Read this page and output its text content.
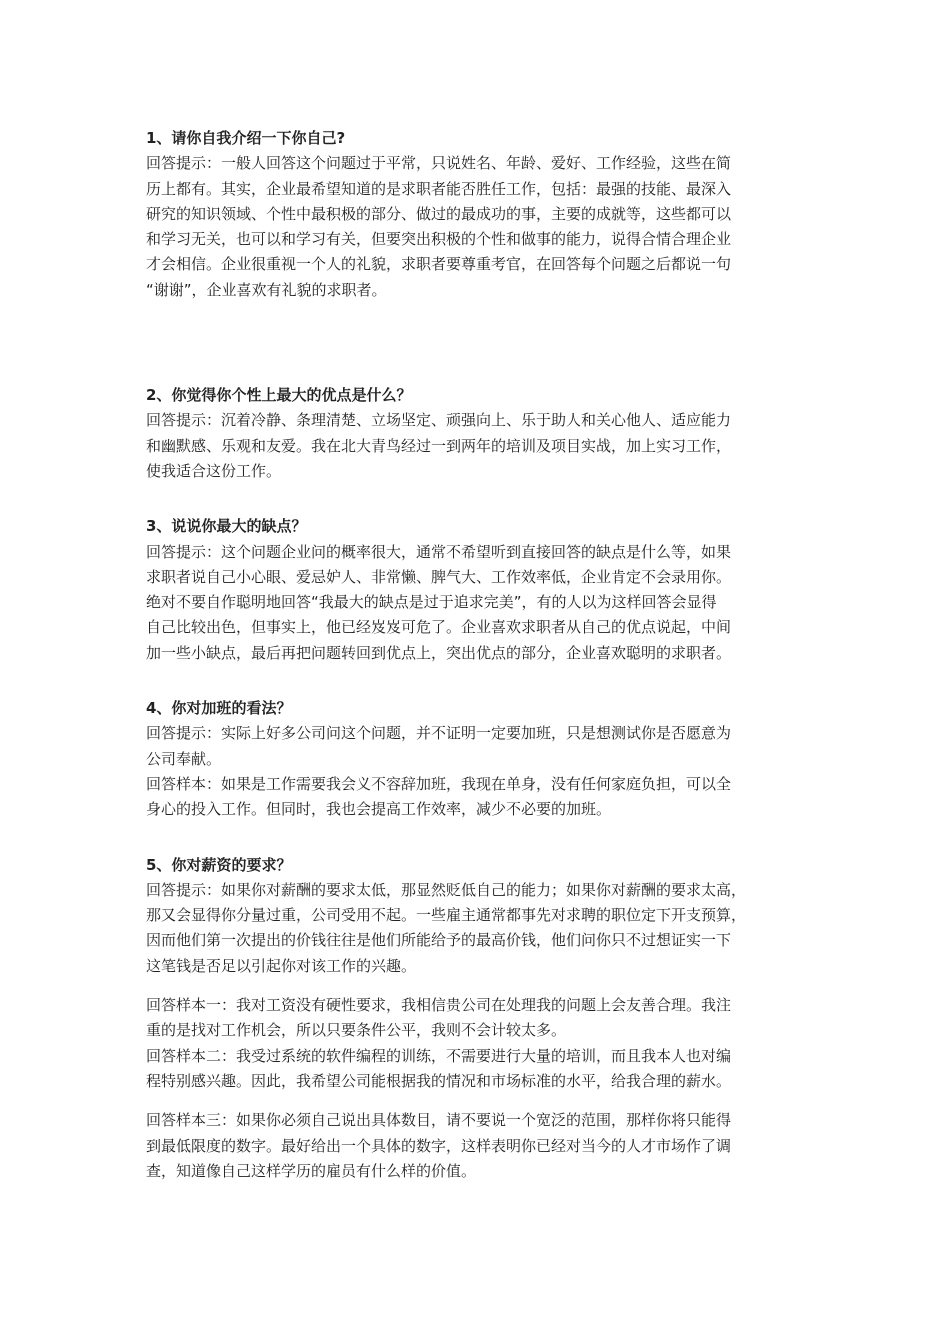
1、请你自我介绍一下你自己?

回答提示：一般人回答这个问题过于平常，只说姓名、年龄、爱好、工作经验，这些在简

历上都有。其实，企业最希望知道的是求职者能否胜任工作，包括：最强的技能、最深入

研究的知识领域、个性中最积极的部分、做过的最成功的事，主要的成就等，这些都可以

和学习无关，也可以和学习有关，但要突出积极的个性和做事的能力，说得合情合理企业

才会相信。企业很重视一个人的礼貌，求职者要尊重考官，在回答每个问题之后都说一句

“谢谢”，企业喜欢有礼貌的求职者。

2、你觉得你个性上最大的优点是什么？

回答提示：沉着冷静、条理清楚、立场坚定、顽强向上、乐于助人和关心他人、适应能力

和幽默感、乐观和友爱。我在北大青鸟经过一到两年的培训及项目实战，加上实习工作，

使我适合这份工作。

3、说说你最大的缺点？

回答提示：这个问题企业问的概率很大，通常不希望听到直接回答的缺点是什么等，如果

求职者说自己小心眼、爱忌妒人、非常懒、脾气大、工作效率低，企业肯定不会录用你。

绝对不要自作聪明地回答“我最大的缺点是过于追求完美”，有的人以为这样回答会显得

自己比较出色，但事实上，他已经岌岌可危了。企业喜欢求职者从自己的优点说起，中间

加一些小缺点，最后再把问题转回到优点上，突出优点的部分，企业喜欢聪明的求职者。

4、你对加班的看法？

回答提示：实际上好多公司问这个问题，并不证明一定要加班，只是想测试你是否愿意为

公司奉献。

回答样本：如果是工作需要我会义不容辞加班，我现在单身，没有任何家庭负担，可以全

身心的投入工作。但同时，我也会提高工作效率，减少不必要的加班。

5、你对薪资的要求？

回答提示：如果你对薪酬的要求太低，那显然贬低自己的能力；如果你对薪酬的要求太高，

那又会显得你分量过重，公司受用不起。一些雇主通常都事先对求聘的职位定下开支预算，

因而他们第一次提出的价钱往往是他们所能给予的最高价钱，他们问你只不过想证实一下

这笔钱是否足以引起你对该工作的兴趣。

回答样本一：我对工资没有硬性要求，我相信贵公司在处理我的问题上会友善合理。我注

重的是找对工作机会，所以只要条件公平，我则不会计较太多。

回答样本二：我受过系统的软件编程的训练，不需要进行大量的培训，而且我本人也对编

程特别感兴趣。因此，我希望公司能根据我的情况和市场标准的水平，给我合理的薪水。

回答样本三：如果你必须自己说出具体数目，请不要说一个宽泛的范围，那样你将只能得

到最低限度的数字。最好给出一个具体的数字，这样表明你已经对当今的人才市场作了调

查，知道像自己这样学历的雇员有什么样的价值。
